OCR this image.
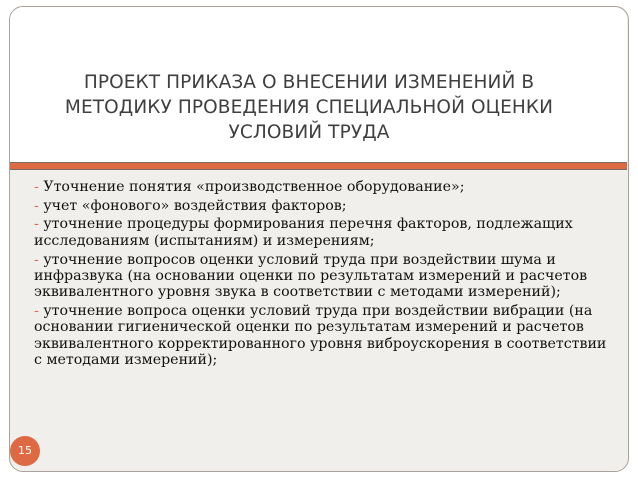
ПРОЕКТ ПРИКАЗА О ВНЕСЕНИИ ИЗМЕНЕНИЙ В
МЕТОДИКУ ПРОВЕДЕНИЯ СПЕЦИАЛЬНОЙ ОЦЕНКИ
УСЛОВИЙ ТРУДА

- Уточнение понятия «производственное оборудование»;

- учет «фонового» воздействия факторов;

- уточнение процедуры формирования перечня факторов, подлежащих исследованиям (испытаниям) и измерениям;

- уточнение вопросов оценки условий труда при воздействии шума и инфразвука (на основании оценки по результатам измерений и расчетов эквивалентного уровня звука в соответствии с методами измерений);

- уточнение вопроса оценки условий труда при воздействии вибрации (на основании гигиенической оценки по результатам измерений и расчетов эквивалентного корректированного уровня виброускорения в соответствии с методами измерений);

15
